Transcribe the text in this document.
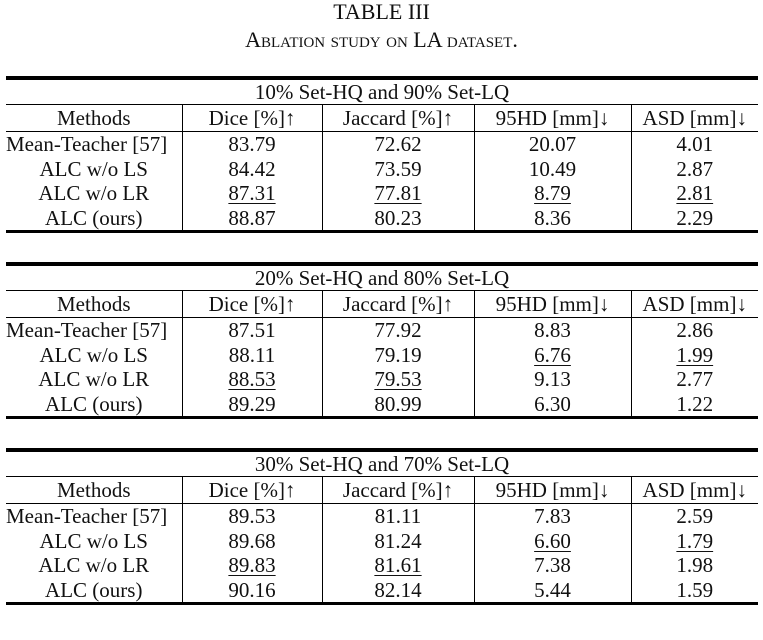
TABLE III
Ablation study on LA dataset.
10% Set-HQ and 90% Set-LQ				
Methods	Dice [%]↑	Jaccard [%]↑	95HD [mm]↓	ASD [mm]↓
Mean-Teacher [57]	83.79	72.62	20.07	4.01
ALC w/o LS	84.42	73.59	10.49	2.87
ALC w/o LR	87.31	77.81	8.79	2.81
ALC (ours)	88.87	80.23	8.36	2.29
20% Set-HQ and 80% Set-LQ				
Methods	Dice [%]↑	Jaccard [%]↑	95HD [mm]↓	ASD [mm]↓
Mean-Teacher [57]	87.51	77.92	8.83	2.86
ALC w/o LS	88.11	79.19	6.76	1.99
ALC w/o LR	88.53	79.53	9.13	2.77
ALC (ours)	89.29	80.99	6.30	1.22
30% Set-HQ and 70% Set-LQ				
Methods	Dice [%]↑	Jaccard [%]↑	95HD [mm]↓	ASD [mm]↓
Mean-Teacher [57]	89.53	81.11	7.83	2.59
ALC w/o LS	89.68	81.24	6.60	1.79
ALC w/o LR	89.83	81.61	7.38	1.98
ALC (ours)	90.16	82.14	5.44	1.59
